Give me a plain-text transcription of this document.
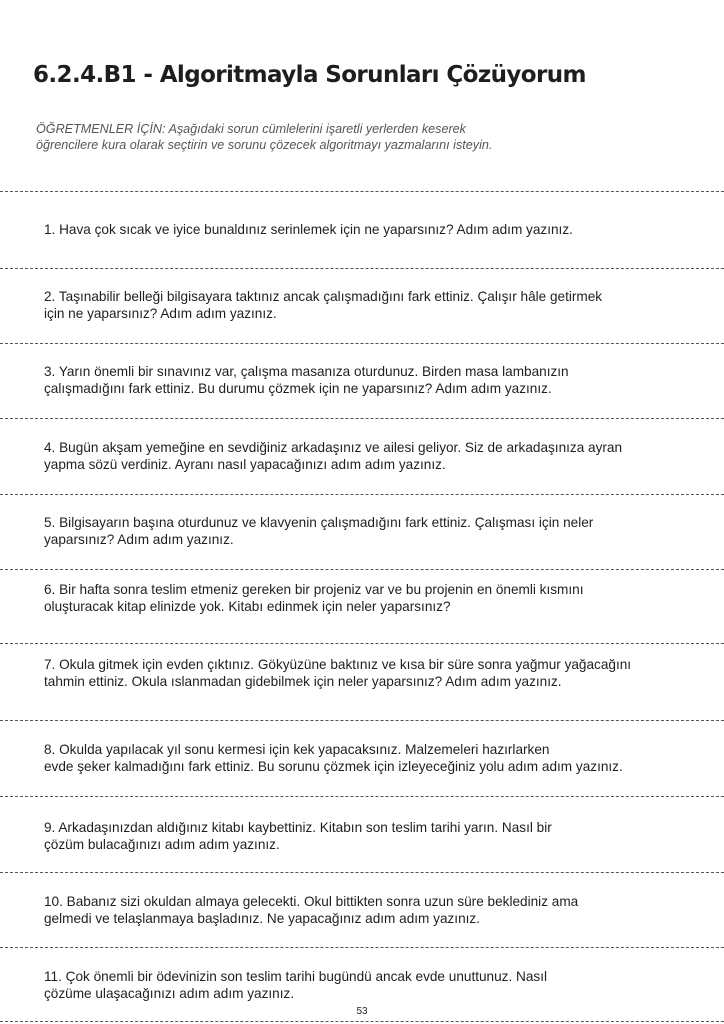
6.2.4.B1 - Algoritmayla Sorunları Çözüyorum
ÖĞRETMENLER İÇİN: Aşağıdaki sorun cümlelerini işaretli yerlerden keserek
öğrencilere kura olarak seçtirin ve sorunu çözecek algoritmayı yazmalarını isteyin.
1. Hava çok sıcak ve iyice bunaldınız serinlemek için ne yaparsınız? Adım adım yazınız.
2. Taşınabilir belleği bilgisayara taktınız ancak çalışmadığını fark ettiniz. Çalışır hâle getirmek
için ne yaparsınız? Adım adım yazınız.
3. Yarın önemli bir sınavınız var, çalışma masanıza oturdunuz. Birden masa lambanızın
çalışmadığını fark ettiniz. Bu durumu çözmek için ne yaparsınız? Adım adım yazınız.
4. Bugün akşam yemeğine en sevdiğiniz arkadaşınız ve ailesi geliyor. Siz de arkadaşınıza ayran
yapma sözü verdiniz. Ayranı nasıl yapacağınızı adım adım yazınız.
5. Bilgisayarın başına oturdunuz ve klavyenin çalışmadığını fark ettiniz. Çalışması için neler
yaparsınız? Adım adım yazınız.
6. Bir hafta sonra teslim etmeniz gereken bir projeniz var ve bu projenin en önemli kısmını
oluşturacak kitap elinizde yok. Kitabı edinmek için neler yaparsınız?
7. Okula gitmek için evden çıktınız. Gökyüzüne baktınız ve kısa bir süre sonra yağmur yağacağını
tahmin ettiniz. Okula ıslanmadan gidebilmek için neler yaparsınız? Adım adım yazınız.
8. Okulda yapılacak yıl sonu kermesi için kek yapacaksınız. Malzemeleri hazırlarken
evde şeker kalmadığını fark ettiniz. Bu sorunu çözmek için izleyeceğiniz yolu adım adım yazınız.
9. Arkadaşınızdan aldığınız kitabı kaybettiniz. Kitabın son teslim tarihi yarın. Nasıl bir
çözüm bulacağınızı adım adım yazınız.
10. Babanız sizi okuldan almaya gelecekti. Okul bittikten sonra uzun süre beklediniz ama
gelmedi ve telaşlanmaya başladınız. Ne yapacağınız adım adım yazınız.
11. Çok önemli bir ödevinizin son teslim tarihi bugündü ancak evde unuttunuz. Nasıl
çözüme ulaşacağınızı adım adım yazınız.
53
